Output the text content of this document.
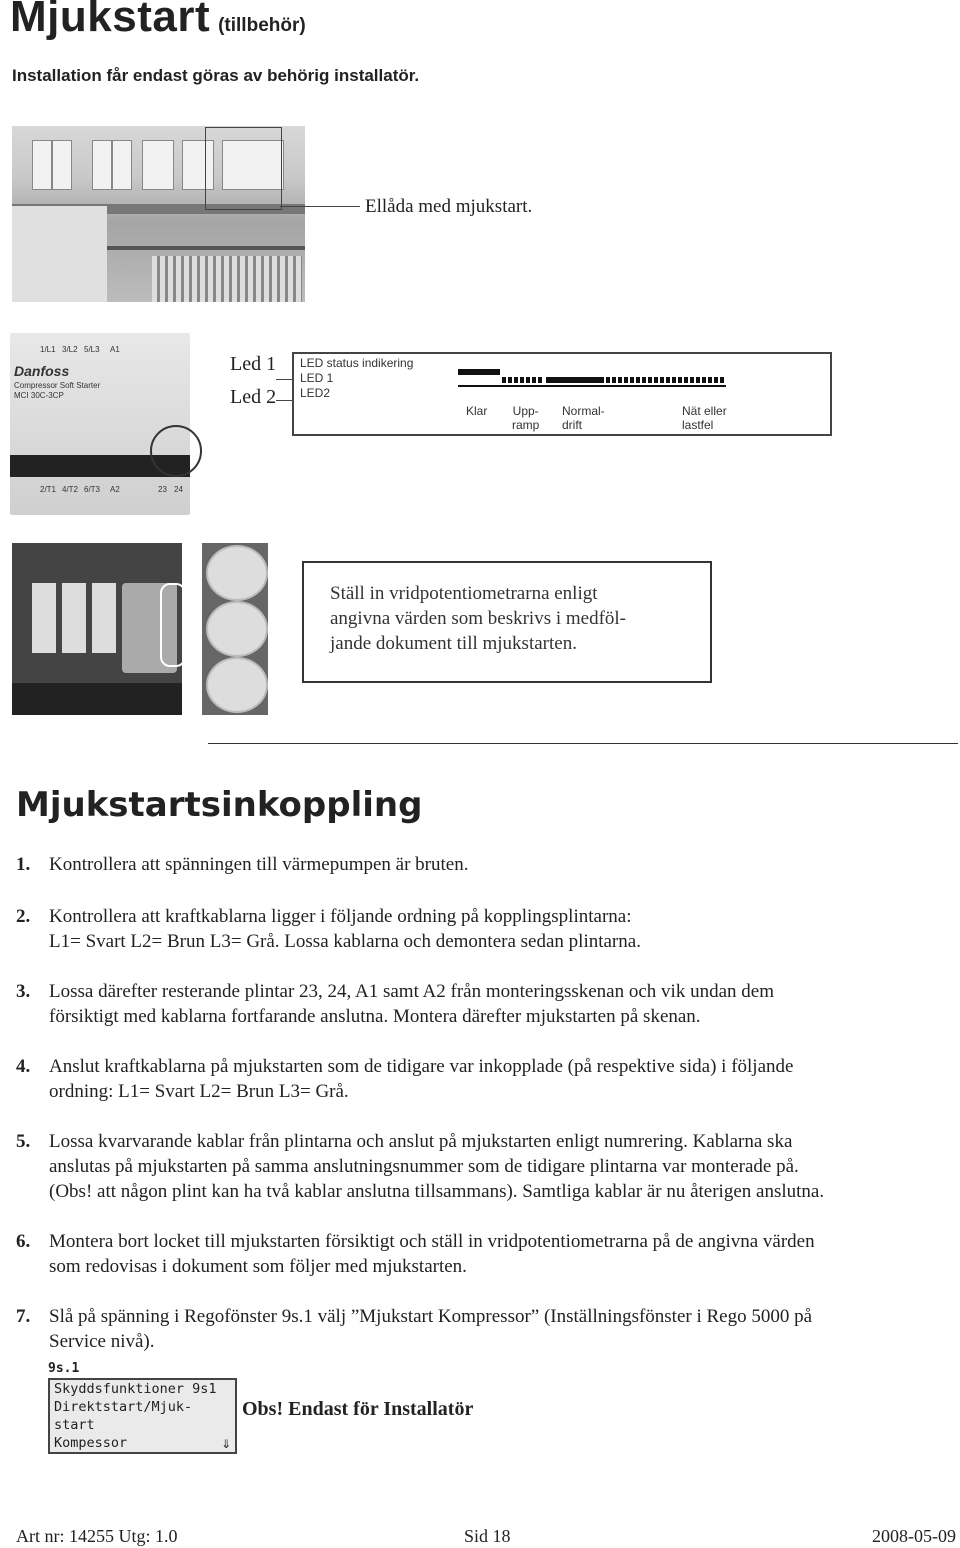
Mjukstart (tillbehör)
Installation får endast göras av behörig installatör.
Ellåda med mjukstart.
1/L1 3/L2 5/L3 A1
Danfoss
Compressor Soft Starter
MCI 30C-3CP
2/T1 4/T2 6/T3 A2	23 24
Led 1
Led 2
LED status indikering
LED 1
LED2
Klar Upp-
ramp
Normal-
drift
Nät eller
lastfel

Ställ in vridpotentiometrarna enligt
angivna värden som beskrivs i medföl-
jande dokument till mjukstarten.

Mjukstartsinkoppling
1. Kontrollera att spänningen till värmepumpen är bruten.
2. Kontrollera att kraftkablarna ligger i följande ordning på kopplingsplintarna:
L1= Svart L2= Brun L3= Grå. Lossa kablarna och demontera sedan plintarna.
3. Lossa därefter resterande plintar 23, 24, A1 samt A2 från monteringsskenan och vik undan dem
försiktigt med kablarna fortfarande anslutna. Montera därefter mjukstarten på skenan.
4. Anslut kraftkablarna på mjukstarten som de tidigare var inkopplade (på respektive sida) i följande
ordning: L1= Svart L2= Brun L3= Grå.
5. Lossa kvarvarande kablar från plintarna och anslut på mjukstarten enligt numrering. Kablarna ska
anslutas på mjukstarten på samma anslutningsnummer som de tidigare plintarna var monterade på.
(Obs! att någon plint kan ha två kablar anslutna tillsammans). Samtliga kablar är nu återigen anslutna.
6. Montera bort locket till mjukstarten försiktigt och ställ in vridpotentiometrarna på de angivna värden
som redovisas i dokument som följer med mjukstarten.
7. Slå på spänning i Regofönster 9s.1 välj ”Mjukstart Kompressor” (Inställningsfönster i Rego 5000 på
Service nivå).
9s.1
Skyddsfunktioner 9s1
Direktstart/Mjuk-
start
Kompessor	⇓
Obs! Endast för Installatör
Art nr: 14255 Utg: 1.0	Sid 18	2008-05-09
